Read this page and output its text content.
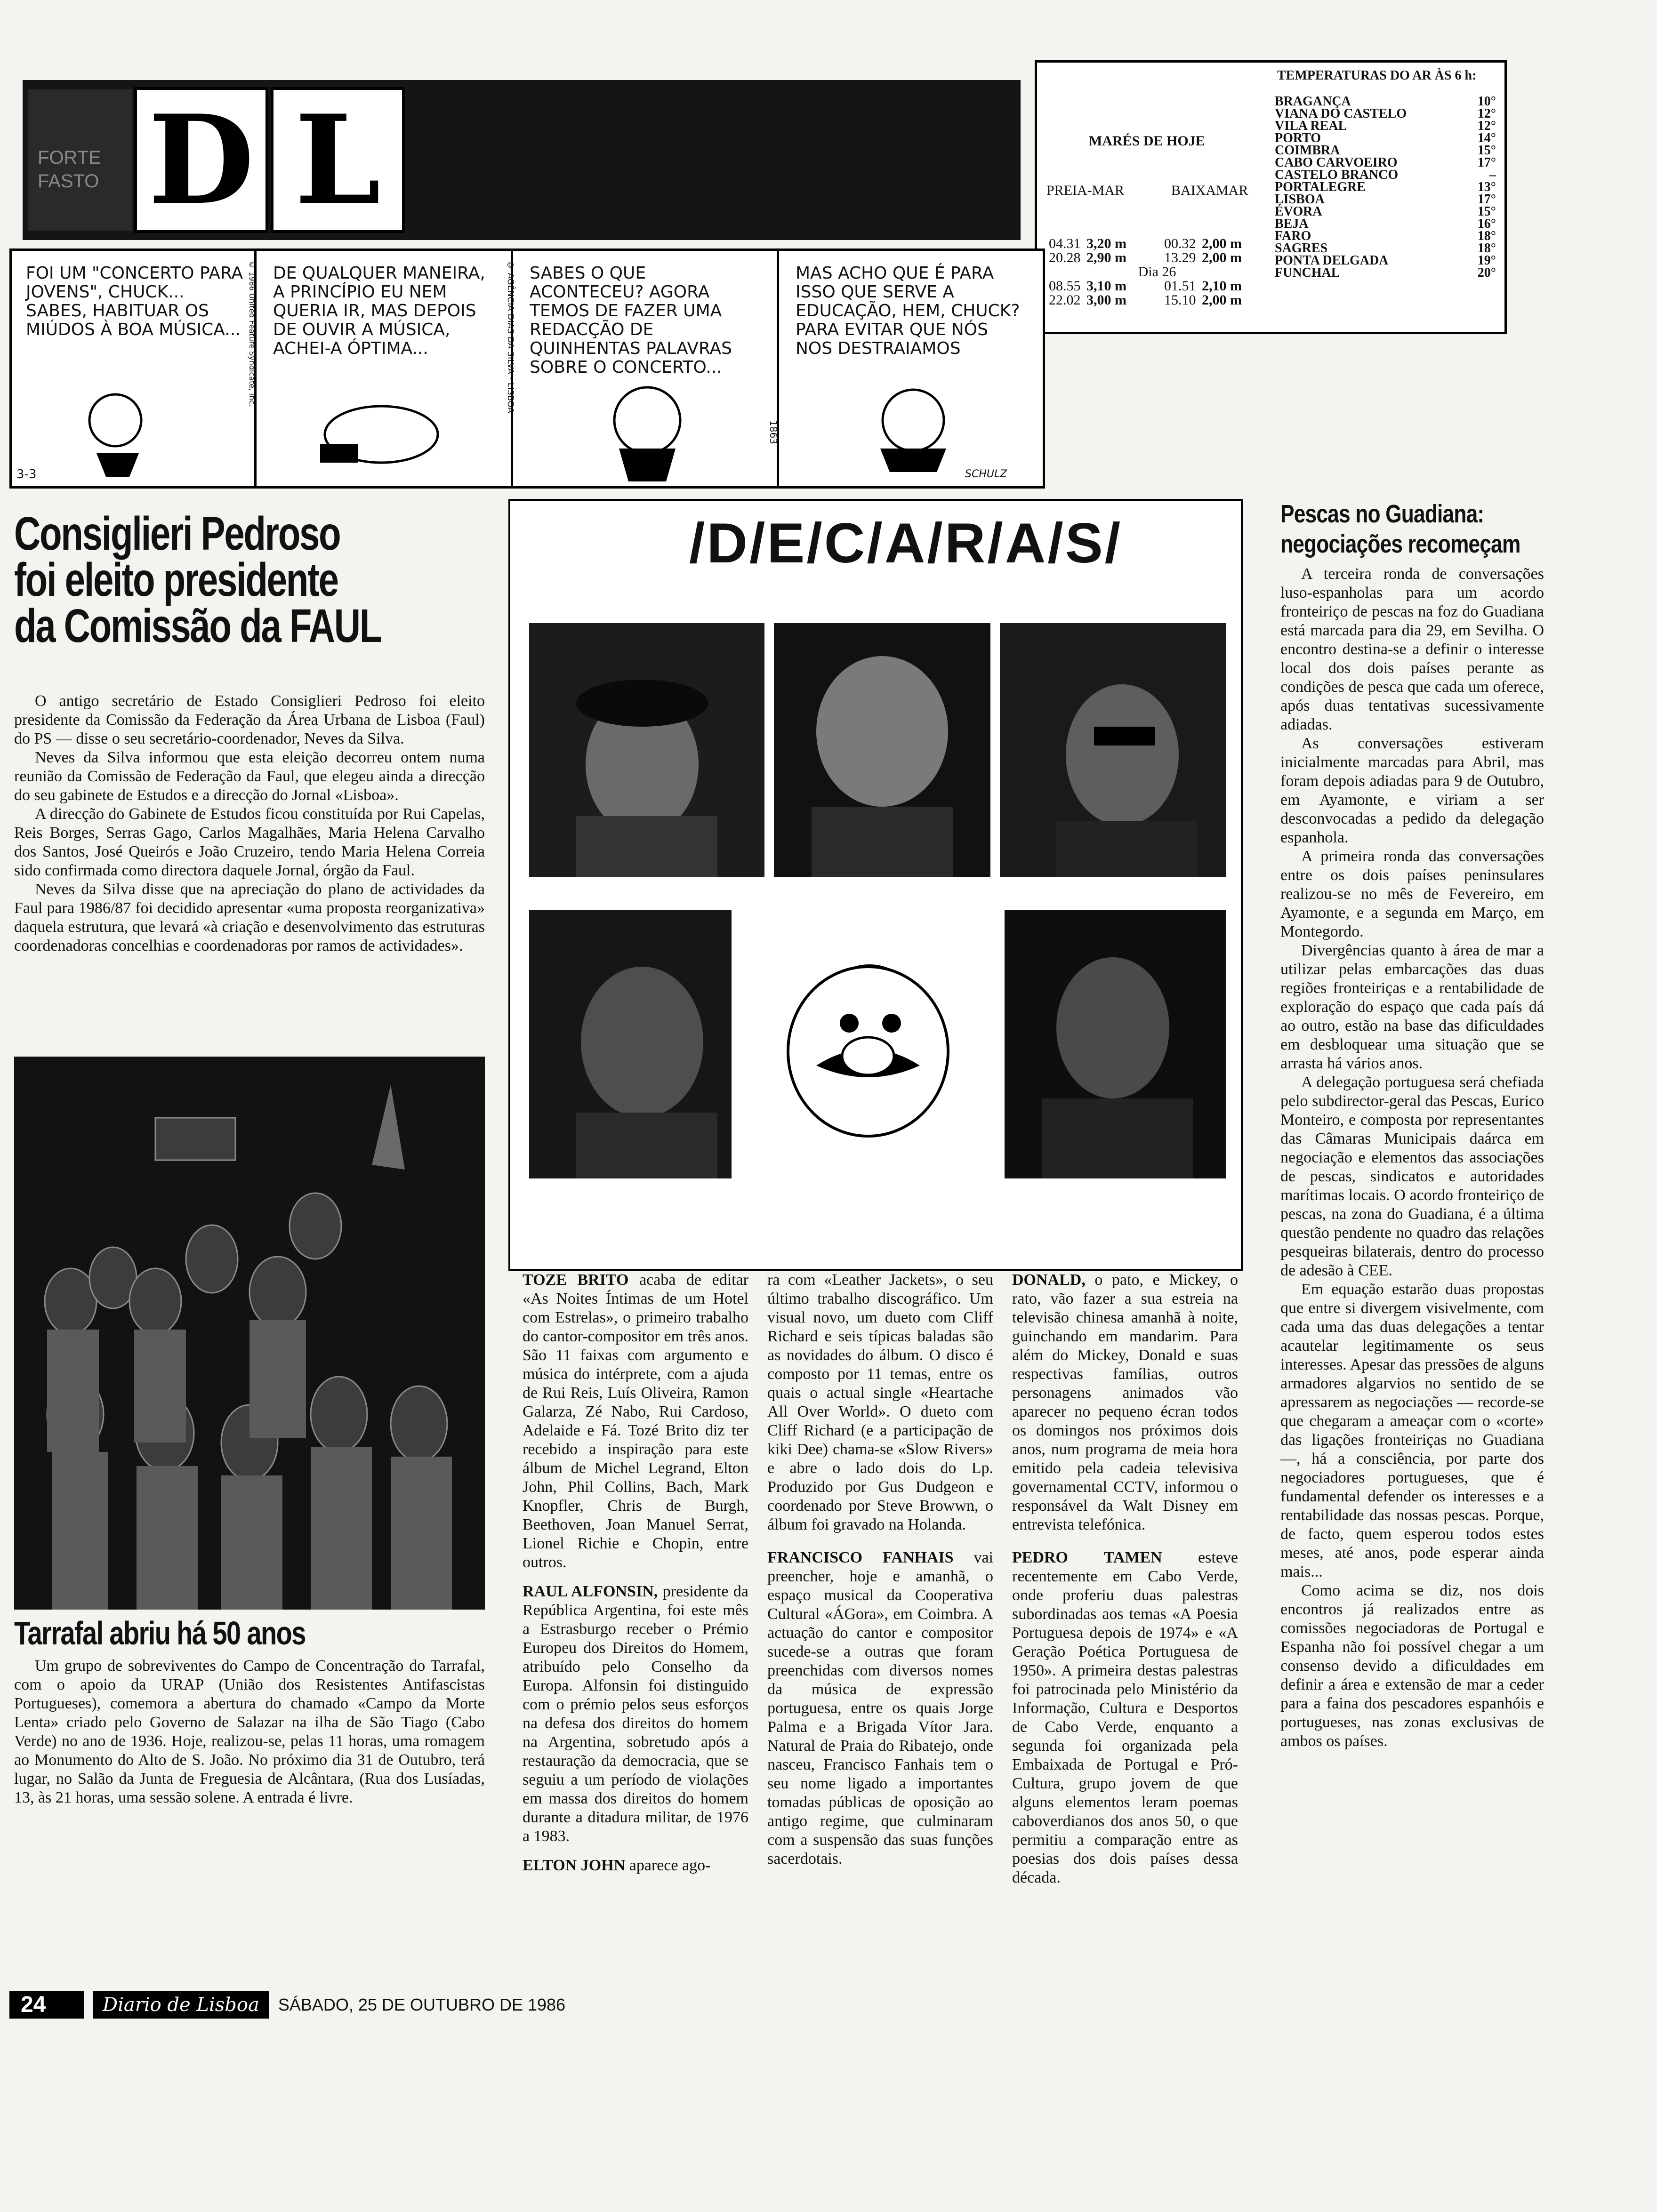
FORTE
FASTO D L
TEMPERATURAS DO AR ÀS 6 h:
MARÉS DE HOJE
PREIA-MAR	BAIXAMAR
04.31 3,20 m	00.32 2,00 m
20.28 2,90 m	13.29 2,00 m
Dia 26
08.55 3,10 m	01.51 2,10 m
22.02 3,00 m	15.10 2,00 m
BRAGANÇA	10°
VIANA DO CASTELO	12°
VILA REAL	12°
PORTO	14°
COIMBRA	15°
CABO CARVOEIRO	17°
CASTELO BRANCO	–
PORTALEGRE	13°
LISBOA	17°
ÉVORA	15°
BEJA	16°
FARO	18°
SAGRES	18°
PONTA DELGADA	19°
FUNCHAL	20°
FOI UM "CONCERTO PARA JOVENS", CHUCK... SABES, HABITUAR OS MIÚDOS À BOA MÚSICA...
3-3
© 1986 United Feature Syndicate, Inc. DE QUALQUER MANEIRA, A PRINCÍPIO EU NEM QUERIA IR, MAS DEPOIS DE OUVIR A MÚSICA, ACHEI-A ÓPTIMA...	© AGÊNCIA DIAS DA SILVA - LISBOA SABES O QUE ACONTECEU? AGORA TEMOS DE FAZER UMA REDACÇÃO DE QUINHENTAS PALAVRAS SOBRE O CONCERTO...
1863
MAS ACHO QUE É PARA ISSO QUE SERVE A EDUCAÇÃO, HEM, CHUCK? PARA EVITAR QUE NÓS NOS DESTRAIAMOS
SCHULZ
Consiglieri Pedroso
foi eleito presidente
da Comissão da FAUL

O antigo secretário de Estado Consiglieri Pedroso foi eleito presidente da Comissão da Federação da Área Urbana de Lisboa (Faul) do PS — disse o seu secretário-coordenador, Neves da Silva.

Neves da Silva informou que esta eleição decorreu ontem numa reunião da Comissão de Federação da Faul, que elegeu ainda a direcção do seu gabinete de Estudos e a direcção do Jornal «Lisboa».

A direcção do Gabinete de Estudos ficou constituída por Rui Capelas, Reis Borges, Serras Gago, Carlos Magalhães, Maria Helena Carvalho dos Santos, José Queirós e João Cruzeiro, tendo Maria Helena Correia sido confirmada como directora daquele Jornal, órgão da Faul.

Neves da Silva disse que na apreciação do plano de actividades da Faul para 1986/87 foi decidido apresentar «uma proposta reorganizativa» daquela estrutura, que levará «à criação e desenvolvimento das estruturas coordenadoras concelhias e coordenadoras por ramos de actividades».

Tarrafal abriu há 50 anos

Um grupo de sobreviventes do Campo de Concentração do Tarrafal, com o apoio da URAP (União dos Resistentes Antifascistas Portugueses), comemora a abertura do chamado «Campo da Morte Lenta» criado pelo Governo de Salazar na ilha de São Tiago (Cabo Verde) no ano de 1936. Hoje, realizou-se, pelas 11 horas, uma romagem ao Monumento do Alto de S. João. No próximo dia 31 de Outubro, terá lugar, no Salão da Junta de Freguesia de Alcântara, (Rua dos Lusíadas, 13, às 21 horas, uma sessão solene. A entrada é livre.

/D/E/C/A/R/A/S/

TOZE BRITO acaba de editar «As Noites Íntimas de um Hotel com Estrelas», o primeiro trabalho do cantor-compositor em três anos. São 11 faixas com argumento e música do intérprete, com a ajuda de Rui Reis, Luís Oliveira, Ramon Galarza, Zé Nabo, Rui Cardoso, Adelaide e Fá. Tozé Brito diz ter recebido a inspiração para este álbum de Michel Legrand, Elton John, Phil Collins, Bach, Mark Knopfler, Chris de Burgh, Beethoven, Joan Manuel Serrat, Lionel Richie e Chopin, entre outros.

RAUL ALFONSIN, presidente da República Argentina, foi este mês a Estrasburgo receber o Prémio Europeu dos Direitos do Homem, atribuído pelo Conselho da Europa. Alfonsin foi distinguido com o prémio pelos seus esforços na defesa dos direitos do homem na Argentina, sobretudo após a restauração da democracia, que se seguiu a um período de violações em massa dos direitos do homem durante a ditadura militar, de 1976 a 1983.

ELTON JOHN aparece ago-

ra com «Leather Jackets», o seu último trabalho discográfico. Um visual novo, um dueto com Cliff Richard e seis típicas baladas são as novidades do álbum. O disco é composto por 11 temas, entre os quais o actual single «Heartache All Over World». O dueto com Cliff Richard (e a participação de kiki Dee) chama-se «Slow Rivers» e abre o lado dois do Lp. Produzido por Gus Dudgeon e coordenado por Steve Browwn, o álbum foi gravado na Holanda.

FRANCISCO FANHAIS vai preencher, hoje e amanhã, o espaço musical da Cooperativa Cultural «ÁGora», em Coimbra. A actuação do cantor e compositor sucede-se a outras que foram preenchidas com diversos nomes da música de expressão portuguesa, entre os quais Jorge Palma e a Brigada Vítor Jara. Natural de Praia do Ribatejo, onde nasceu, Francisco Fanhais tem o seu nome ligado a importantes tomadas públicas de oposição ao antigo regime, que culminaram com a suspensão das suas funções sacerdotais.

DONALD, o pato, e Mickey, o rato, vão fazer a sua estreia na televisão chinesa amanhã à noite, guinchando em mandarim. Para além do Mickey, Donald e suas respectivas famílias, outros personagens animados vão aparecer no pequeno écran todos os domingos nos próximos dois anos, num programa de meia hora emitido pela cadeia televisiva governamental CCTV, informou o responsável da Walt Disney em entrevista telefónica.

PEDRO TAMEN esteve recentemente em Cabo Verde, onde proferiu duas palestras subordinadas aos temas «A Poesia Portuguesa depois de 1974» e «A Geração Poética Portuguesa de 1950». A primeira destas palestras foi patrocinada pelo Ministério da Informação, Cultura e Desportos de Cabo Verde, enquanto a segunda foi organizada pela Embaixada de Portugal e Pró-Cultura, grupo jovem de que alguns elementos leram poemas caboverdianos dos anos 50, o que permitiu a comparação entre as poesias dos dois países dessa década.

Pescas no Guadiana:
negociações recomeçam

A terceira ronda de conversações luso-espanholas para um acordo fronteiriço de pescas na foz do Guadiana está marcada para dia 29, em Sevilha. O encontro destina-se a definir o interesse local dos dois países perante as condições de pesca que cada um oferece, após duas tentativas sucessivamente adiadas.

As conversações estiveram inicialmente marcadas para Abril, mas foram depois adiadas para 9 de Outubro, em Ayamonte, e viriam a ser desconvocadas a pedido da delegação espanhola.

A primeira ronda das conversações entre os dois países peninsulares realizou-se no mês de Fevereiro, em Ayamonte, e a segunda em Março, em Montegordo.

Divergências quanto à área de mar a utilizar pelas embarcações das duas regiões fronteiriças e a rentabilidade de exploração do espaço que cada país dá ao outro, estão na base das dificuldades em desbloquear uma situação que se arrasta há vários anos.

A delegação portuguesa será chefiada pelo subdirector-geral das Pescas, Eurico Monteiro, e composta por representantes das Câmaras Municipais daárca em negociação e elementos das associações de pescas, sindicatos e autoridades marítimas locais. O acordo fronteiriço de pescas, na zona do Guadiana, é a última questão pendente no quadro das relações pesqueiras bilaterais, dentro do processo de adesão à CEE.

Em equação estarão duas propostas que entre si divergem visivelmente, com cada uma das duas delegações a tentar acautelar legitimamente os seus interesses. Apesar das pressões de alguns armadores algarvios no sentido de se apressarem as negociações — recorde-se que chegaram a ameaçar com o «corte» das ligações fronteiriças no Guadiana —, há a consciência, por parte dos negociadores portugueses, que é fundamental defender os interesses e a rentabilidade das nossas pescas. Porque, de facto, quem esperou todos estes meses, até anos, pode esperar ainda mais...

Como acima se diz, nos dois encontros já realizados entre as comissões negociadoras de Portugal e Espanha não foi possível chegar a um consenso devido a dificuldades em definir a área e extensão de mar a ceder para a faina dos pescadores espanhóis e portugueses, nas zonas exclusivas de ambos os países.

24	Diario de Lisboa	SÁBADO, 25 DE OUTUBRO DE 1986
